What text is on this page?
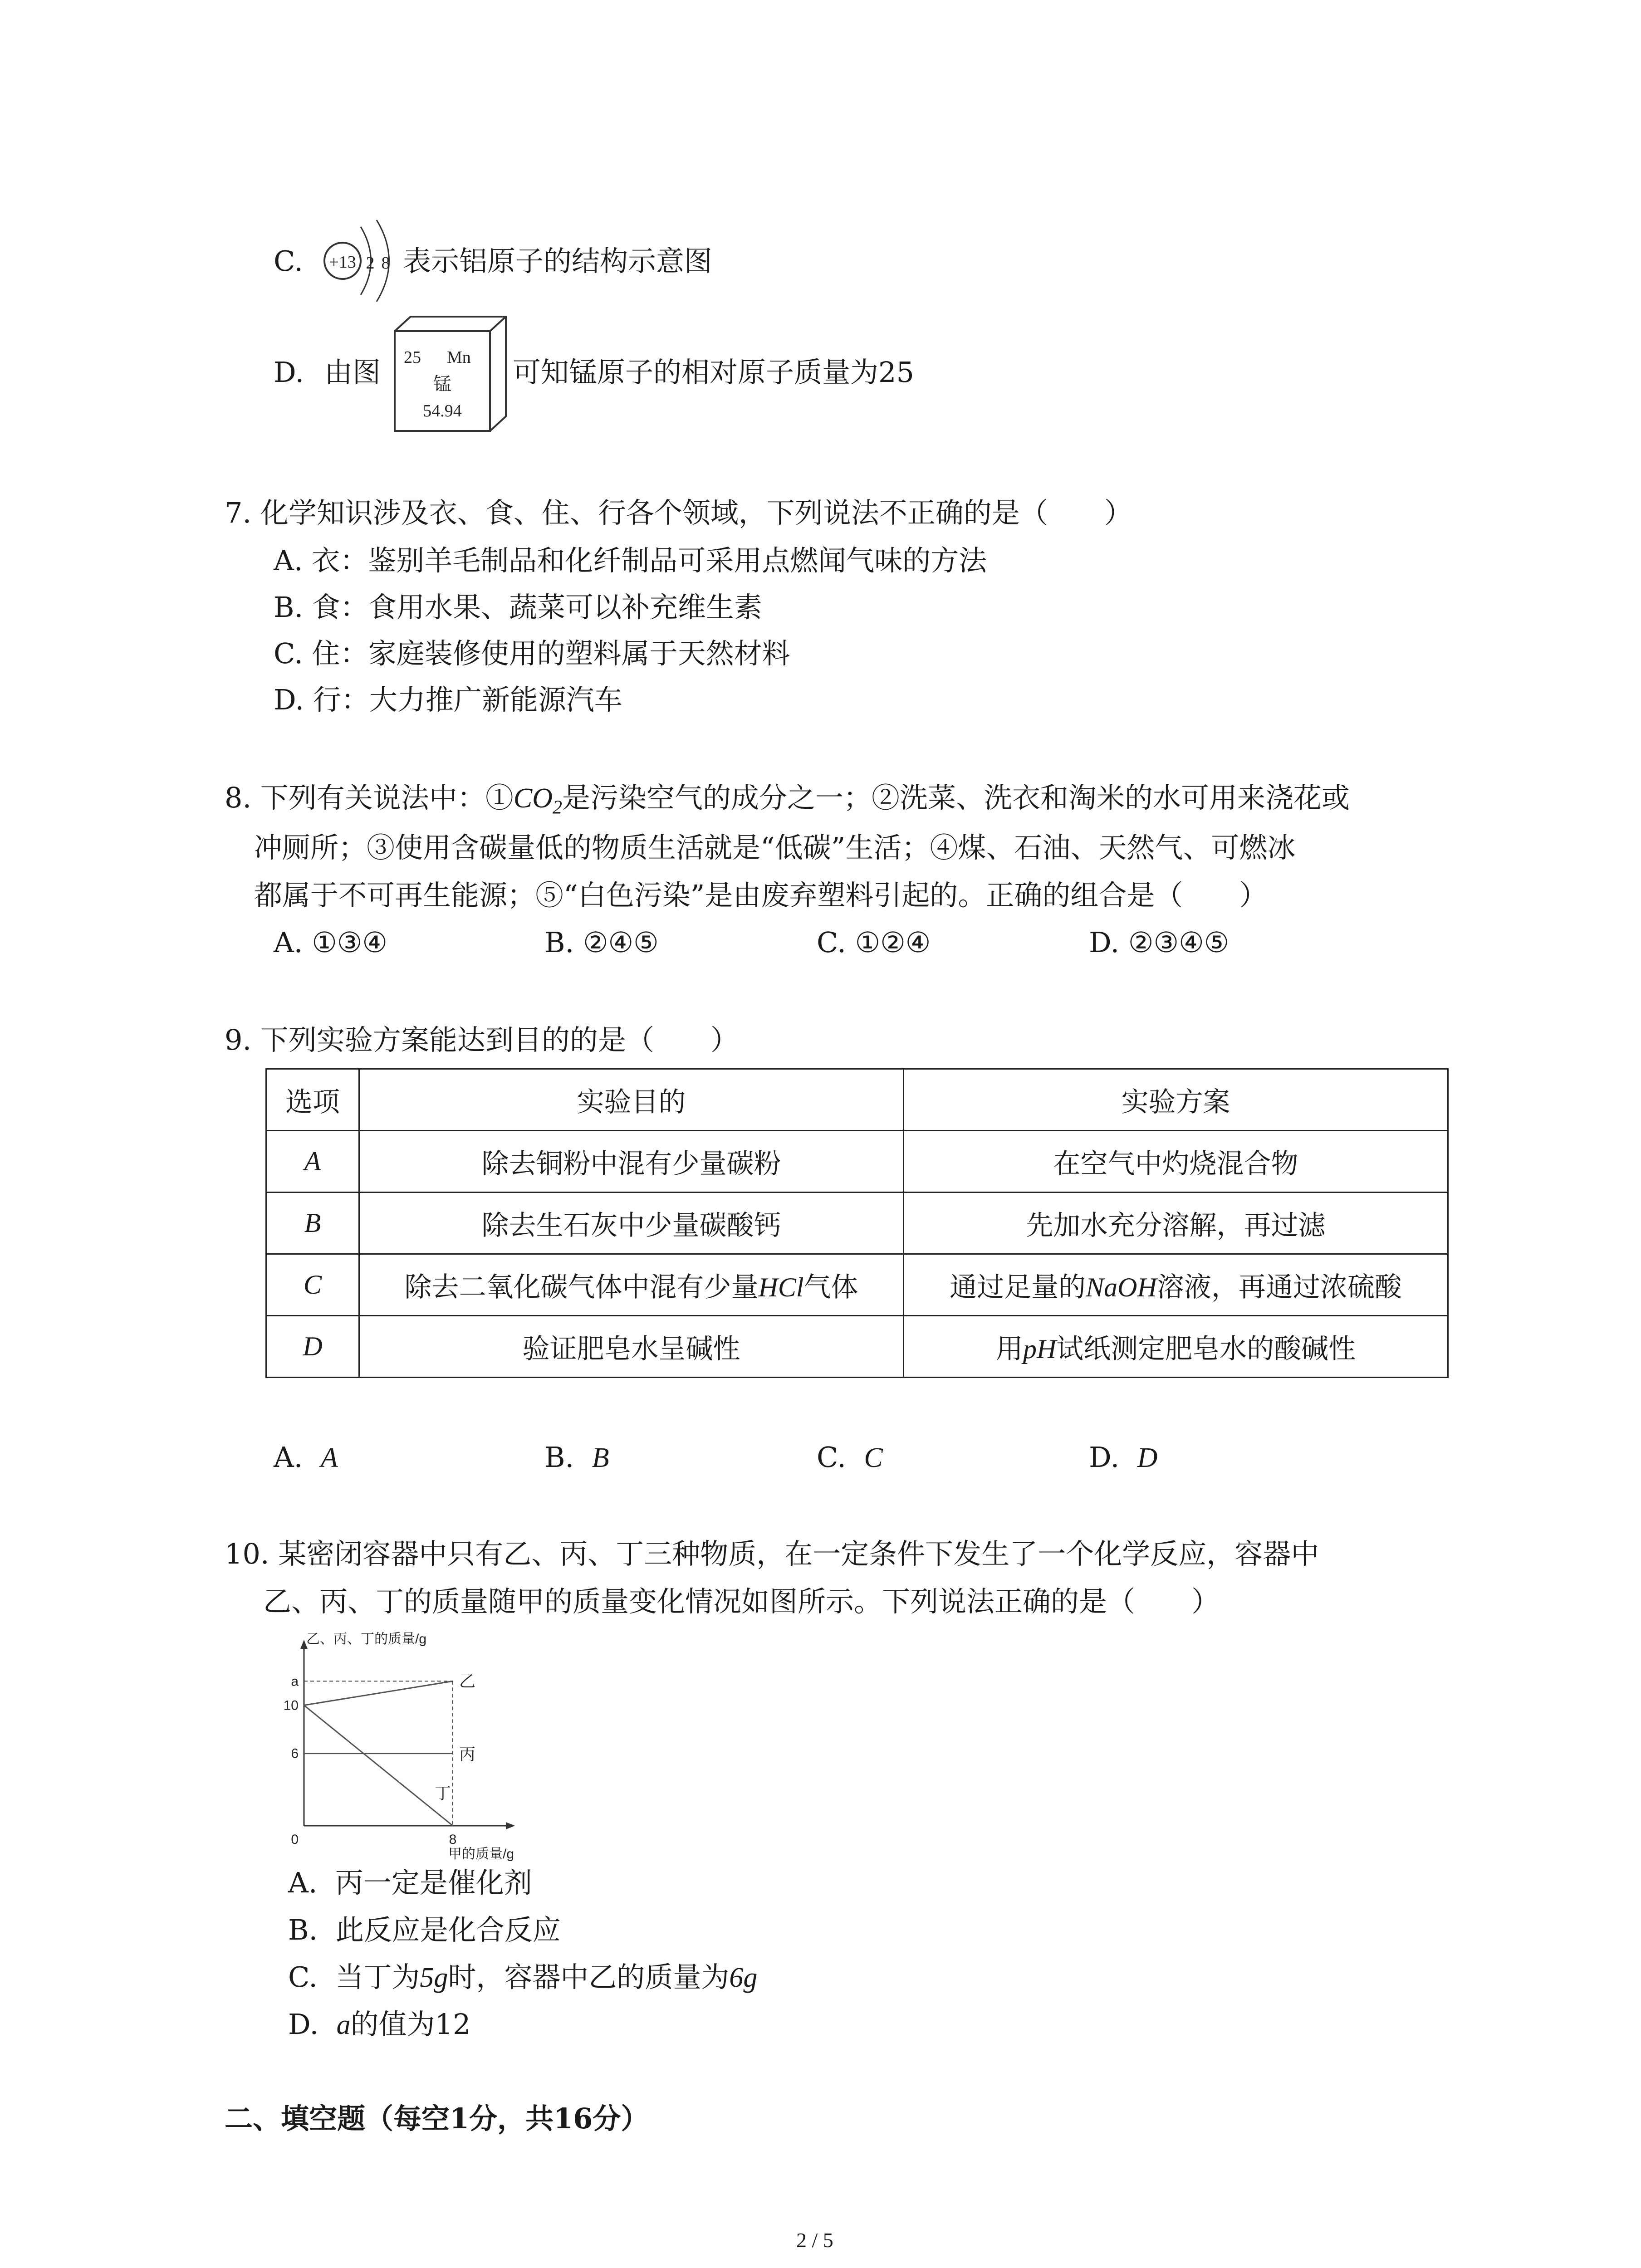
C. +13 2 8 表示铝原子的结构示意图
D. 由图 25 Mn
锰
54.94
可知锰原子的相对原子质量为25
7. 化学知识涉及衣、食、住、行各个领域，下列说法不正确的是（　　）
A. 衣：鉴别羊毛制品和化纤制品可采用点燃闻气味的方法
B. 食：食用水果、蔬菜可以补充维生素
C. 住：家庭装修使用的塑料属于天然材料
D. 行：大力推广新能源汽车
8. 下列有关说法中：$①CO_2$是污染空气的成分之一；②洗菜、洗衣和淘米的水可用来浇花或
冲厕所；③使用含碳量低的物质生活就是“低碳”生活；④煤、石油、天然气、可燃冰
都属于不可再生能源；⑤“白色污染”是由废弃塑料引起的。正确的组合是（　　）
A. ①③④	B. ②④⑤	C. ①②④	D. ②③④⑤
9. 下列实验方案能达到目的的是（　　）
选项	实验目的	实验方案
A	除去铜粉中混有少量碳粉	在空气中灼烧混合物
B	除去生石灰中少量碳酸钙	先加水充分溶解，再过滤
C	除去二氧化碳气体中混有少量HCl气体	通过足量的NaOH溶液，再通过浓硫酸
D	验证肥皂水呈碱性	用pH试纸测定肥皂水的酸碱性
A. A	B. B	C. C	D. D
10. 某密闭容器中只有乙、丙、丁三种物质，在一定条件下发生了一个化学反应，容器中
乙、丙、丁的质量随甲的质量变化情况如图所示。下列说法正确的是（　　）
乙、丙、丁的质量/g
甲的质量/g
0	8
6
10
a	乙
丙
丁
A. 丙一定是催化剂
B. 此反应是化合反应
C. 当丁为5g时，容器中乙的质量为6g
D. a的值为12
二、填空题（每空1分，共16分）
2 / 5
